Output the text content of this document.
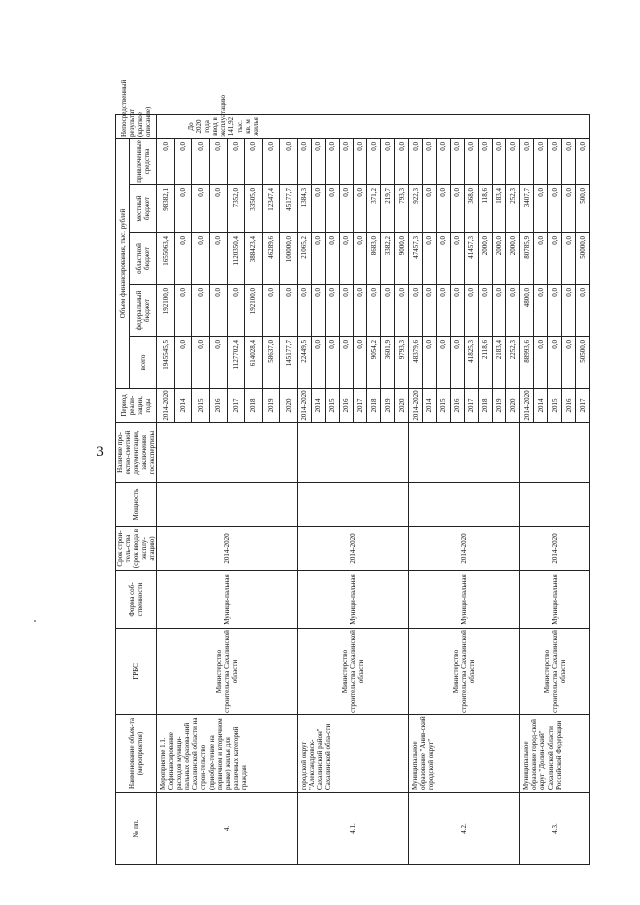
3
№ пп.	Наименование объек-та (мероприятия)	ГРБС	Форма соб-ственности	Срок строи-тель-ства (срок ввода в эксплу-атацию)	Мощность	Наличие про-ектно-сметной документации, заключения госэкспертизы	Период реали-зации, годы	Объем финансирования, тыс. рублей					Непосредственный результат (краткое описание)
								всего	федеральный бюджет	областной бюджет	местный бюджет	привлеченные средства	
4.	Мероприятие 1.1. Софинансирование расходов муници-пальных образова-ний Сахалинской области на строи-тельство (приобре-тение на первичном и вторичном рынке) жилья для различных категорий граждан	Министерство строительства Сахалинской области	Муници-пальная	2014-2020			2014-2020	1945545,5	192100,0	1655063,4	98382,1	0,0	До 2020 года ввод в эксплуатацию 141,92 тыс. кв. м жилья
							2014	0,0	0,0	0,0	0,0	0,0	
							2015	0,0	0,0	0,0	0,0	0,0	
							2016	0,0	0,0	0,0	0,0	0,0	
							2017	1127702,4	0,0	1120350,4	7352,0	0,0	
							2018	614028,4	192100,0	388423,4	33505,0	0,0	
							2019	58637,0	0,0	46289,6	12347,4	0,0	
							2020	145177,7	0,0	100000,0	45177,7	0,0	
4.1.	городской округ "Александровск-Сахалинский район" Сахалинской обла-сти	Министерство строительства Сахалинской области	Муници-пальная	2014-2020			2014-2020	22449,5	0,0	21065,2	1384,3	0,0	
							2014	0,0	0,0	0,0	0,0	0,0	
							2015	0,0	0,0	0,0	0,0	0,0	
							2016	0,0	0,0	0,0	0,0	0,0	
							2017	0,0	0,0	0,0	0,0	0,0	
							2018	9054,2	0,0	8683,0	371,2	0,0	
							2019	3601,9	0,0	3382,2	219,7	0,0	
							2020	9793,3	0,0	9000,0	793,3	0,0	
4.2.	Муниципальное образование "Анив-ский городской округ"	Министерство строительства Сахалинской области	Муници-пальная	2014-2020			2014-2020	48379,6	0,0	47457,3	922,3	0,0	
							2014	0,0	0,0	0,0	0,0	0,0	
							2015	0,0	0,0	0,0	0,0	0,0	
							2016	0,0	0,0	0,0	0,0	0,0	
							2017	41825,3	0,0	41457,3	368,0	0,0	
							2018	2118,6	0,0	2000,0	118,6	0,0	
							2019	2183,4	0,0	2000,0	183,4	0,0	
							2020	2252,3	0,0	2000,0	252,3	0,0	
4.3.	Муниципальное образование город-ской округ "Долин-ский" Сахалинской области Российской Федерации	Министерство строительства Сахалинской области	Муници-пальная	2014-2020			2014-2020	88993,6	4800,0	80785,9	3407,7	0,0	
							2014	0,0	0,0	0,0	0,0	0,0	
							2015	0,0	0,0	0,0	0,0	0,0	
							2016	0,0	0,0	0,0	0,0	0,0	
							2017	50500,0	0,0	50000,0	500,0	0,0	
